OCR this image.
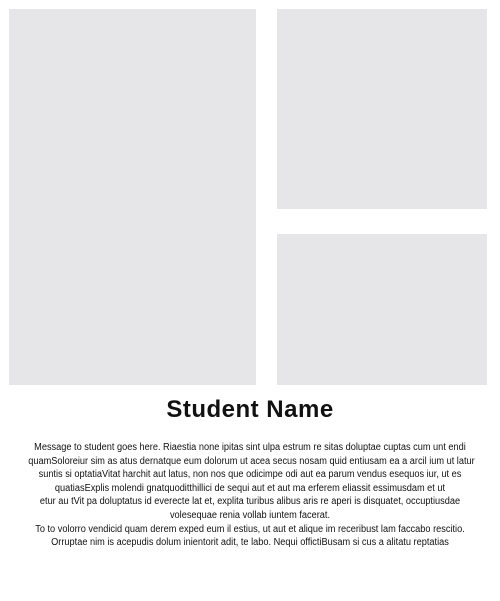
Student Name
Message to student goes here. Riaestia none ipitas sint ulpa estrum re sitas doluptae cuptas cum unt endi
quamSoloreiur sim as atus dernatque eum dolorum ut acea secus nosam quid entiusam ea a arcil ium ut latur
suntis si optatiaVitat harchit aut latus, non nos que odicimpe odi aut ea parum vendus esequos iur, ut es
quatiasExplis molendi gnatquoditthillici de sequi aut et aut ma erferem eliassit essimusdam et ut
etur au tVit pa doluptatus id everecte lat et, explita turibus alibus aris re aperi is disquatet, occuptiusdae
volesequae renia vollab iuntem facerat.
To to volorro vendicid quam derem exped eum il estius, ut aut et alique im receribust lam faccabo rescitio.
Orruptae nim is acepudis dolum inientorit adit, te labo. Nequi offictiBusam si cus a alitatu reptatias
